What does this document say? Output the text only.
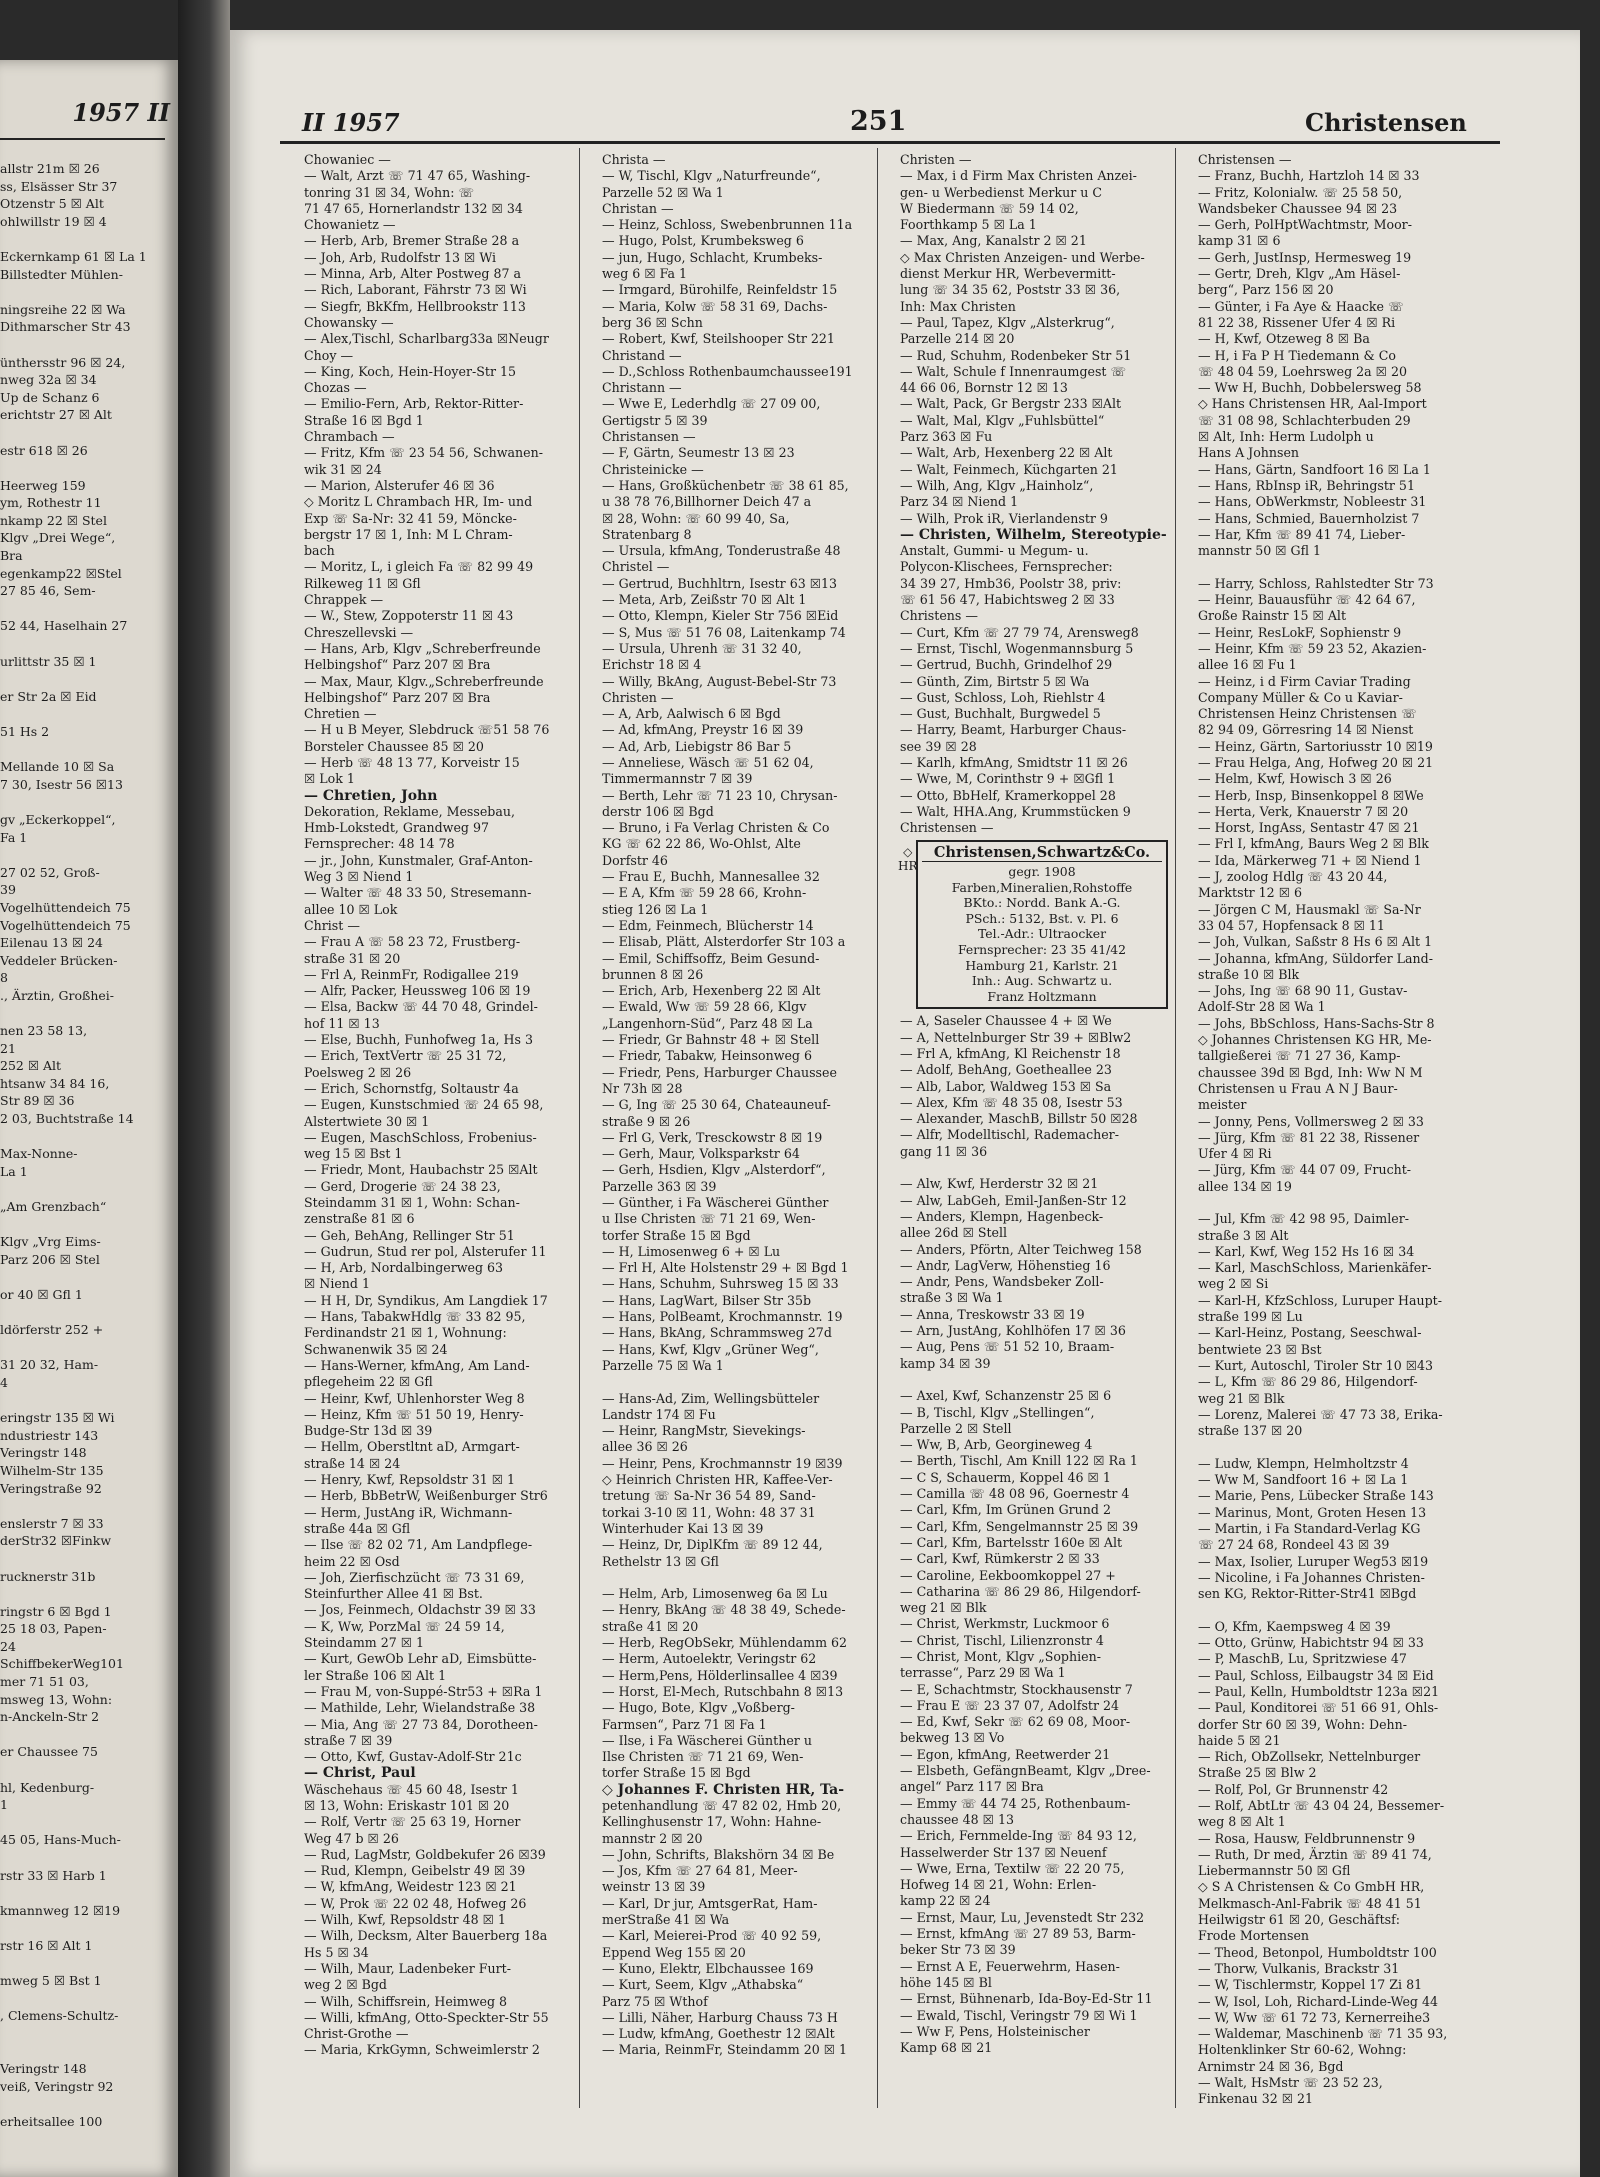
1957 II
allstr 21m ☒ 26
ss, Elsässer Str 37
Otzenstr 5 ☒ Alt
ohlwillstr 19 ☒ 4

Eckernkamp 61 ☒ La 1
Billstedter Mühlen-

ningsreihe 22 ☒ Wa
Dithmarscher Str 43

ünthersstr 96 ☒ 24,
nweg 32a ☒ 34
Up de Schanz 6
erichtstr 27 ☒ Alt

estr 618 ☒ 26

Heerweg 159
ym, Rothestr 11
nkamp 22 ☒ Stel
Klgv „Drei Wege“,
Bra
egenkamp22 ☒Stel
27 85 46, Sem-

52 44, Haselhain 27

urlittstr 35 ☒ 1

er Str 2a ☒ Eid

51 Hs 2

Mellande 10 ☒ Sa
7 30, Isestr 56 ☒13

gv „Eckerkoppel“,
Fa 1

27 02 52, Groß-
39
Vogelhüttendeich 75
Vogelhüttendeich 75
Eilenau 13 ☒ 24
Veddeler Brücken-
8
., Ärztin, Großhei-

nen 23 58 13,
21
252 ☒ Alt
htsanw 34 84 16,
Str 89 ☒ 36
2 03, Buchtstraße 14

Max-Nonne-
La 1

„Am Grenzbach“

Klgv „Vrg Eims-
Parz 206 ☒ Stel

or 40 ☒ Gfl 1

ldörferstr 252 +

31 20 32, Ham-
4

eringstr 135 ☒ Wi
ndustriestr 143
Veringstr 148
Wilhelm-Str 135
Veringstraße 92

enslerstr 7 ☒ 33
derStr32 ☒Finkw

rucknerstr 31b

ringstr 6 ☒ Bgd 1
25 18 03, Papen-
24
SchiffbekerWeg101
mer 71 51 03,
msweg 13, Wohn:
n-Anckeln-Str 2

er Chaussee 75

hl, Kedenburg-
1

45 05, Hans-Much-

rstr 33 ☒ Harb 1

kmannweg 12 ☒19

rstr 16 ☒ Alt 1

mweg 5 ☒ Bst 1

, Clemens-Schultz-

Veringstr 148
veiß, Veringstr 92

erheitsallee 100
II 1957	251	Christensen
Chowaniec —
— Walt, Arzt ☏ 71 47 65, Washing-
tonring 31 ☒ 34, Wohn: ☏
71 47 65, Hornerlandstr 132 ☒ 34
Chowanietz —
— Herb, Arb, Bremer Straße 28 a
— Joh, Arb, Rudolfstr 13 ☒ Wi
— Minna, Arb, Alter Postweg 87 a
— Rich, Laborant, Fährstr 73 ☒ Wi
— Siegfr, BkKfm, Hellbrookstr 113
Chowansky —
— Alex,Tischl, Scharlbarg33a ☒Neugr
Choy —
— King, Koch, Hein-Hoyer-Str 15
Chozas —
— Emilio-Fern, Arb, Rektor-Ritter-
Straße 16 ☒ Bgd 1
Chrambach —
— Fritz, Kfm ☏ 23 54 56, Schwanen-
wik 31 ☒ 24
— Marion, Alsterufer 46 ☒ 36
◇ Moritz L Chrambach HR, Im- und
Exp ☏ Sa-Nr: 32 41 59, Möncke-
bergstr 17 ☒ 1, Inh: M L Chram-
bach
— Moritz, L, i gleich Fa ☏ 82 99 49
Rilkeweg 11 ☒ Gfl
Chrappek —
— W., Stew, Zoppoterstr 11 ☒ 43
Chreszellevski —
— Hans, Arb, Klgv „Schreberfreunde
Helbingshof“ Parz 207 ☒ Bra
— Max, Maur, Klgv.„Schreberfreunde
Helbingshof“ Parz 207 ☒ Bra
Chretien —
— H u B Meyer, Slebdruck ☏51 58 76
Borsteler Chaussee 85 ☒ 20
— Herb ☏ 48 13 77, Korveistr 15
☒ Lok 1
— Chretien, John
Dekoration, Reklame, Messebau,
Hmb-Lokstedt, Grandweg 97
Fernsprecher: 48 14 78
— jr., John, Kunstmaler, Graf-Anton-
Weg 3 ☒ Niend 1
— Walter ☏ 48 33 50, Stresemann-
allee 10 ☒ Lok
Christ —
— Frau A ☏ 58 23 72, Frustberg-
straße 31 ☒ 20
— Frl A, ReinmFr, Rodigallee 219
— Alfr, Packer, Heussweg 106 ☒ 19
— Elsa, Backw ☏ 44 70 48, Grindel-
hof 11 ☒ 13
— Else, Buchh, Funhofweg 1a, Hs 3
— Erich, TextVertr ☏ 25 31 72,
Poelsweg 2 ☒ 26
— Erich, Schornstfg, Soltaustr 4a
— Eugen, Kunstschmied ☏ 24 65 98,
Alstertwiete 30 ☒ 1
— Eugen, MaschSchloss, Frobenius-
weg 15 ☒ Bst 1
— Friedr, Mont, Haubachstr 25 ☒Alt
— Gerd, Drogerie ☏ 24 38 23,
Steindamm 31 ☒ 1, Wohn: Schan-
zenstraße 81 ☒ 6
— Geh, BehAng, Rellinger Str 51
— Gudrun, Stud rer pol, Alsterufer 11
— H, Arb, Nordalbingerweg 63
☒ Niend 1
— H H, Dr, Syndikus, Am Langdiek 17
— Hans, TabakwHdlg ☏ 33 82 95,
Ferdinandstr 21 ☒ 1, Wohnung:
Schwanenwik 35 ☒ 24
— Hans-Werner, kfmAng, Am Land-
pflegeheim 22 ☒ Gfl
— Heinr, Kwf, Uhlenhorster Weg 8
— Heinz, Kfm ☏ 51 50 19, Henry-
Budge-Str 13d ☒ 39
— Hellm, Oberstltnt aD, Armgart-
straße 14 ☒ 24
— Henry, Kwf, Repsoldstr 31 ☒ 1
— Herb, BbBetrW, Weißenburger Str6
— Herm, JustAng iR, Wichmann-
straße 44a ☒ Gfl
— Ilse ☏ 82 02 71, Am Landpflege-
heim 22 ☒ Osd
— Joh, Zierfischzücht ☏ 73 31 69,
Steinfurther Allee 41 ☒ Bst.
— Jos, Feinmech, Oldachstr 39 ☒ 33
— K, Ww, PorzMal ☏ 24 59 14,
Steindamm 27 ☒ 1
— Kurt, GewOb Lehr aD, Eimsbütte-
ler Straße 106 ☒ Alt 1
— Frau M, von-Suppé-Str53 + ☒Ra 1
— Mathilde, Lehr, Wielandstraße 38
— Mia, Ang ☏ 27 73 84, Dorotheen-
straße 7 ☒ 39
— Otto, Kwf, Gustav-Adolf-Str 21c
— Christ, Paul
Wäschehaus ☏ 45 60 48, Isestr 1
☒ 13, Wohn: Eriskastr 101 ☒ 20
— Rolf, Vertr ☏ 25 63 19, Horner
Weg 47 b ☒ 26
— Rud, LagMstr, Goldbekufer 26 ☒39
— Rud, Klempn, Geibelstr 49 ☒ 39
— W, kfmAng, Weidestr 123 ☒ 21
— W, Prok ☏ 22 02 48, Hofweg 26
— Wilh, Kwf, Repsoldstr 48 ☒ 1
— Wilh, Decksm, Alter Bauerberg 18a
Hs 5 ☒ 34
— Wilh, Maur, Ladenbeker Furt-
weg 2 ☒ Bgd
— Wilh, Schiffsrein, Heimweg 8
— Willi, kfmAng, Otto-Speckter-Str 55
Christ-Grothe —
— Maria, KrkGymn, Schweimlerstr 2
Christa —
— W, Tischl, Klgv „Naturfreunde“,
Parzelle 52 ☒ Wa 1
Christan —
— Heinz, Schloss, Swebenbrunnen 11a
— Hugo, Polst, Krumbeksweg 6
— jun, Hugo, Schlacht, Krumbeks-
weg 6 ☒ Fa 1
— Irmgard, Bürohilfe, Reinfeldstr 15
— Maria, Kolw ☏ 58 31 69, Dachs-
berg 36 ☒ Schn
— Robert, Kwf, Steilshooper Str 221
Christand —
— D.,Schloss Rothenbaumchaussee191
Christann —
— Wwe E, Lederhdlg ☏ 27 09 00,
Gertigstr 5 ☒ 39
Christansen —
— F, Gärtn, Seumestr 13 ☒ 23
Christeinicke —
— Hans, Großküchenbetr ☏ 38 61 85,
u 38 78 76,Billhorner Deich 47 a
☒ 28, Wohn: ☏ 60 99 40, Sa,
Stratenbarg 8
— Ursula, kfmAng, Tonderustraße 48
Christel —
— Gertrud, Buchhltrn, Isestr 63 ☒13
— Meta, Arb, Zeißstr 70 ☒ Alt 1
— Otto, Klempn, Kieler Str 756 ☒Eid
— S, Mus ☏ 51 76 08, Laitenkamp 74
— Ursula, Uhrenh ☏ 31 32 40,
Erichstr 18 ☒ 4
— Willy, BkAng, August-Bebel-Str 73
Christen —
— A, Arb, Aalwisch 6 ☒ Bgd
— Ad, kfmAng, Preystr 16 ☒ 39
— Ad, Arb, Liebigstr 86 Bar 5
— Anneliese, Wäsch ☏ 51 62 04,
Timmermannstr 7 ☒ 39
— Berth, Lehr ☏ 71 23 10, Chrysan-
derstr 106 ☒ Bgd
— Bruno, i Fa Verlag Christen & Co
KG ☏ 62 22 86, Wo-Ohlst, Alte
Dorfstr 46
— Frau E, Buchh, Mannesallee 32
— E A, Kfm ☏ 59 28 66, Krohn-
stieg 126 ☒ La 1
— Edm, Feinmech, Blücherstr 14
— Elisab, Plätt, Alsterdorfer Str 103 a
— Emil, Schiffsoffz, Beim Gesund-
brunnen 8 ☒ 26
— Erich, Arb, Hexenberg 22 ☒ Alt
— Ewald, Ww ☏ 59 28 66, Klgv
„Langenhorn-Süd“, Parz 48 ☒ La
— Friedr, Gr Bahnstr 48 + ☒ Stell
— Friedr, Tabakw, Heinsonweg 6
— Friedr, Pens, Harburger Chaussee
Nr 73h ☒ 28
— G, Ing ☏ 25 30 64, Chateauneuf-
straße 9 ☒ 26
— Frl G, Verk, Tresckowstr 8 ☒ 19
— Gerh, Maur, Volksparkstr 64
— Gerh, Hsdien, Klgv „Alsterdorf“,
Parzelle 363 ☒ 39
— Günther, i Fa Wäscherei Günther
u Ilse Christen ☏ 71 21 69, Wen-
torfer Straße 15 ☒ Bgd
— H, Limosenweg 6 + ☒ Lu
— Frl H, Alte Holstenstr 29 + ☒ Bgd 1
— Hans, Schuhm, Suhrsweg 15 ☒ 33
— Hans, LagWart, Bilser Str 35b
— Hans, PolBeamt, Krochmannstr. 19
— Hans, BkAng, Schrammsweg 27d
— Hans, Kwf, Klgv „Grüner Weg“,
Parzelle 75 ☒ Wa 1

— Hans-Ad, Zim, Wellingsbütteler
Landstr 174 ☒ Fu
— Heinr, RangMstr, Sievekings-
allee 36 ☒ 26
— Heinr, Pens, Krochmannstr 19 ☒39
◇ Heinrich Christen HR, Kaffee-Ver-
tretung ☏ Sa-Nr 36 54 89, Sand-
torkai 3-10 ☒ 11, Wohn: 48 37 31
Winterhuder Kai 13 ☒ 39
— Heinz, Dr, DiplKfm ☏ 89 12 44,
Rethelstr 13 ☒ Gfl

— Helm, Arb, Limosenweg 6a ☒ Lu
— Henry, BkAng ☏ 48 38 49, Schede-
straße 41 ☒ 20
— Herb, RegObSekr, Mühlendamm 62
— Herm, Autoelektr, Veringstr 62
— Herm,Pens, Hölderlinsallee 4 ☒39
— Horst, El-Mech, Rutschbahn 8 ☒13
— Hugo, Bote, Klgv „Voßberg-
Farmsen“, Parz 71 ☒ Fa 1
— Ilse, i Fa Wäscherei Günther u
Ilse Christen ☏ 71 21 69, Wen-
torfer Straße 15 ☒ Bgd
◇ Johannes F. Christen HR, Ta-
petenhandlung ☏ 47 82 02, Hmb 20,
Kellinghusenstr 17, Wohn: Hahne-
mannstr 2 ☒ 20
— John, Schrifts, Blakshörn 34 ☒ Be
— Jos, Kfm ☏ 27 64 81, Meer-
weinstr 13 ☒ 39
— Karl, Dr jur, AmtsgerRat, Ham-
merStraße 41 ☒ Wa
— Karl, Meierei-Prod ☏ 40 92 59,
Eppend Weg 155 ☒ 20
— Kuno, Elektr, Elbchaussee 169
— Kurt, Seem, Klgv „Athabska“
Parz 75 ☒ Wthof
— Lilli, Näher, Harburg Chauss 73 H
— Ludw, kfmAng, Goethestr 12 ☒Alt
— Maria, ReinmFr, Steindamm 20 ☒ 1
Christen —
— Max, i d Firm Max Christen Anzei-
gen- u Werbedienst Merkur u C
W Biedermann ☏ 59 14 02,
Foorthkamp 5 ☒ La 1
— Max, Ang, Kanalstr 2 ☒ 21
◇ Max Christen Anzeigen- und Werbe-
dienst Merkur HR, Werbevermitt-
lung ☏ 34 35 62, Poststr 33 ☒ 36,
Inh: Max Christen
— Paul, Tapez, Klgv „Alsterkrug“,
Parzelle 214 ☒ 20
— Rud, Schuhm, Rodenbeker Str 51
— Walt, Schule f Innenraumgest ☏
44 66 06, Bornstr 12 ☒ 13
— Walt, Pack, Gr Bergstr 233 ☒Alt
— Walt, Mal, Klgv „Fuhlsbüttel“
Parz 363 ☒ Fu
— Walt, Arb, Hexenberg 22 ☒ Alt
— Walt, Feinmech, Küchgarten 21
— Wilh, Ang, Klgv „Hainholz“,
Parz 34 ☒ Niend 1
— Wilh, Prok iR, Vierlandenstr 9
— Christen, Wilhelm, Stereotypie-
Anstalt, Gummi- u Megum- u.
Polycon-Klischees, Fernsprecher:
34 39 27, Hmb36, Poolstr 38, priv:
☏ 61 56 47, Habichtsweg 2 ☒ 33
Christens —
— Curt, Kfm ☏ 27 79 74, Arensweg8
— Ernst, Tischl, Wogenmannsburg 5
— Gertrud, Buchh, Grindelhof 29
— Günth, Zim, Birtstr 5 ☒ Wa
— Gust, Schloss, Loh, Riehlstr 4
— Gust, Buchhalt, Burgwedel 5
— Harry, Beamt, Harburger Chaus-
see 39 ☒ 28
— Karlh, kfmAng, Smidtstr 11 ☒ 26
— Wwe, M, Corinthstr 9 + ☒Gfl 1
— Otto, BbHelf, Kramerkoppel 28
— Walt, HHA.Ang, Krummstücken 9
Christensen —
◇
HR
Christensen,Schwartz&Co.
gegr. 1908
Farben,Mineralien,Rohstoffe
BKto.: Nordd. Bank A.-G.
PSch.: 5132, Bst. v. Pl. 6
Tel.-Adr.: Ultraocker
Fernsprecher: 23 35 41/42
Hamburg 21, Karlstr. 21
Inh.: Aug. Schwartz u.
Franz Holtzmann
— A, Saseler Chaussee 4 + ☒ We
— A, Nettelnburger Str 39 + ☒Blw2
— Frl A, kfmAng, Kl Reichenstr 18
— Adolf, BehAng, Goetheallee 23
— Alb, Labor, Waldweg 153 ☒ Sa
— Alex, Kfm ☏ 48 35 08, Isestr 53
— Alexander, MaschB, Billstr 50 ☒28
— Alfr, Modelltischl, Rademacher-
gang 11 ☒ 36

— Alw, Kwf, Herderstr 32 ☒ 21
— Alw, LabGeh, Emil-Janßen-Str 12
— Anders, Klempn, Hagenbeck-
allee 26d ☒ Stell
— Anders, Pförtn, Alter Teichweg 158
— Andr, LagVerw, Höhenstieg 16
— Andr, Pens, Wandsbeker Zoll-
straße 3 ☒ Wa 1
— Anna, Treskowstr 33 ☒ 19
— Arn, JustAng, Kohlhöfen 17 ☒ 36
— Aug, Pens ☏ 51 52 10, Braam-
kamp 34 ☒ 39

— Axel, Kwf, Schanzenstr 25 ☒ 6
— B, Tischl, Klgv „Stellingen“,
Parzelle 2 ☒ Stell
— Ww, B, Arb, Georgineweg 4
— Berth, Tischl, Am Knill 122 ☒ Ra 1
— C S, Schauerm, Koppel 46 ☒ 1
— Camilla ☏ 48 08 96, Goernestr 4
— Carl, Kfm, Im Grünen Grund 2
— Carl, Kfm, Sengelmannstr 25 ☒ 39
— Carl, Kfm, Bartelsstr 160e ☒ Alt
— Carl, Kwf, Rümkerstr 2 ☒ 33
— Caroline, Eekboomkoppel 27 +
— Catharina ☏ 86 29 86, Hilgendorf-
weg 21 ☒ Blk
— Christ, Werkmstr, Luckmoor 6
— Christ, Tischl, Lilienzronstr 4
— Christ, Mont, Klgv „Sophien-
terrasse“, Parz 29 ☒ Wa 1
— E, Schachtmstr, Stockhausenstr 7
— Frau E ☏ 23 37 07, Adolfstr 24
— Ed, Kwf, Sekr ☏ 62 69 08, Moor-
bekweg 13 ☒ Vo
— Egon, kfmAng, Reetwerder 21
— Elsbeth, GefängnBeamt, Klgv „Dree-
angel“ Parz 117 ☒ Bra
— Emmy ☏ 44 74 25, Rothenbaum-
chaussee 48 ☒ 13
— Erich, Fernmelde-Ing ☏ 84 93 12,
Hasselwerder Str 137 ☒ Neuenf
— Wwe, Erna, Textilw ☏ 22 20 75,
Hofweg 14 ☒ 21, Wohn: Erlen-
kamp 22 ☒ 24
— Ernst, Maur, Lu, Jevenstedt Str 232
— Ernst, kfmAng ☏ 27 89 53, Barm-
beker Str 73 ☒ 39
— Ernst A E, Feuerwehrm, Hasen-
höhe 145 ☒ Bl
— Ernst, Bühnenarb, Ida-Boy-Ed-Str 11
— Ewald, Tischl, Veringstr 79 ☒ Wi 1
— Ww F, Pens, Holsteinischer
Kamp 68 ☒ 21
Christensen —
— Franz, Buchh, Hartzloh 14 ☒ 33
— Fritz, Kolonialw. ☏ 25 58 50,
Wandsbeker Chaussee 94 ☒ 23
— Gerh, PolHptWachtmstr, Moor-
kamp 31 ☒ 6
— Gerh, JustInsp, Hermesweg 19
— Gertr, Dreh, Klgv „Am Häsel-
berg“, Parz 156 ☒ 20
— Günter, i Fa Aye & Haacke ☏
81 22 38, Rissener Ufer 4 ☒ Ri
— H, Kwf, Otzeweg 8 ☒ Ba
— H, i Fa P H Tiedemann & Co
☏ 48 04 59, Loehrsweg 2a ☒ 20
— Ww H, Buchh, Dobbelersweg 58
◇ Hans Christensen HR, Aal-Import
☏ 31 08 98, Schlachterbuden 29
☒ Alt, Inh: Herm Ludolph u
Hans A Johnsen
— Hans, Gärtn, Sandfoort 16 ☒ La 1
— Hans, RbInsp iR, Behringstr 51
— Hans, ObWerkmstr, Nobleestr 31
— Hans, Schmied, Bauernholzist 7
— Har, Kfm ☏ 89 41 74, Lieber-
mannstr 50 ☒ Gfl 1

— Harry, Schloss, Rahlstedter Str 73
— Heinr, Bauausführ ☏ 42 64 67,
Große Rainstr 15 ☒ Alt
— Heinr, ResLokF, Sophienstr 9
— Heinr, Kfm ☏ 59 23 52, Akazien-
allee 16 ☒ Fu 1
— Heinz, i d Firm Caviar Trading
Company Müller & Co u Kaviar-
Christensen Heinz Christensen ☏
82 94 09, Görresring 14 ☒ Nienst
— Heinz, Gärtn, Sartoriusstr 10 ☒19
— Frau Helga, Ang, Hofweg 20 ☒ 21
— Helm, Kwf, Howisch 3 ☒ 26
— Herb, Insp, Binsenkoppel 8 ☒We
— Herta, Verk, Knauerstr 7 ☒ 20
— Horst, IngAss, Sentastr 47 ☒ 21
— Frl I, kfmAng, Baurs Weg 2 ☒ Blk
— Ida, Märkerweg 71 + ☒ Niend 1
— J, zoolog Hdlg ☏ 43 20 44,
Marktstr 12 ☒ 6
— Jörgen C M, Hausmakl ☏ Sa-Nr
33 04 57, Hopfensack 8 ☒ 11
— Joh, Vulkan, Saßstr 8 Hs 6 ☒ Alt 1
— Johanna, kfmAng, Süldorfer Land-
straße 10 ☒ Blk
— Johs, Ing ☏ 68 90 11, Gustav-
Adolf-Str 28 ☒ Wa 1
— Johs, BbSchloss, Hans-Sachs-Str 8
◇ Johannes Christensen KG HR, Me-
tallgießerei ☏ 71 27 36, Kamp-
chaussee 39d ☒ Bgd, Inh: Ww N M
Christensen u Frau A N J Baur-
meister
— Jonny, Pens, Vollmersweg 2 ☒ 33
— Jürg, Kfm ☏ 81 22 38, Rissener
Ufer 4 ☒ Ri
— Jürg, Kfm ☏ 44 07 09, Frucht-
allee 134 ☒ 19

— Jul, Kfm ☏ 42 98 95, Daimler-
straße 3 ☒ Alt
— Karl, Kwf, Weg 152 Hs 16 ☒ 34
— Karl, MaschSchloss, Marienkäfer-
weg 2 ☒ Si
— Karl-H, KfzSchloss, Luruper Haupt-
straße 199 ☒ Lu
— Karl-Heinz, Postang, Seeschwal-
bentwiete 23 ☒ Bst
— Kurt, Autoschl, Tiroler Str 10 ☒43
— L, Kfm ☏ 86 29 86, Hilgendorf-
weg 21 ☒ Blk
— Lorenz, Malerei ☏ 47 73 38, Erika-
straße 137 ☒ 20

— Ludw, Klempn, Helmholtzstr 4
— Ww M, Sandfoort 16 + ☒ La 1
— Marie, Pens, Lübecker Straße 143
— Marinus, Mont, Groten Hesen 13
— Martin, i Fa Standard-Verlag KG
☏ 27 24 68, Rondeel 43 ☒ 39
— Max, Isolier, Luruper Weg53 ☒19
— Nicoline, i Fa Johannes Christen-
sen KG, Rektor-Ritter-Str41 ☒Bgd

— O, Kfm, Kaempsweg 4 ☒ 39
— Otto, Grünw, Habichtstr 94 ☒ 33
— P, MaschB, Lu, Spritzwiese 47
— Paul, Schloss, Eilbaugstr 34 ☒ Eid
— Paul, Kelln, Humboldtstr 123a ☒21
— Paul, Konditorei ☏ 51 66 91, Ohls-
dorfer Str 60 ☒ 39, Wohn: Dehn-
haide 5 ☒ 21
— Rich, ObZollsekr, Nettelnburger
Straße 25 ☒ Blw 2
— Rolf, Pol, Gr Brunnenstr 42
— Rolf, AbtLtr ☏ 43 04 24, Bessemer-
weg 8 ☒ Alt 1
— Rosa, Hausw, Feldbrunnenstr 9
— Ruth, Dr med, Ärztin ☏ 89 41 74,
Liebermannstr 50 ☒ Gfl
◇ S A Christensen & Co GmbH HR,
Melkmasch-Anl-Fabrik ☏ 48 41 51
Heilwigstr 61 ☒ 20, Geschäftsf:
Frode Mortensen
— Theod, Betonpol, Humboldtstr 100
— Thorw, Vulkanis, Brackstr 31
— W, Tischlermstr, Koppel 17 Zi 81
— W, Isol, Loh, Richard-Linde-Weg 44
— W, Ww ☏ 61 72 73, Kernerreihe3
— Waldemar, Maschinenb ☏ 71 35 93,
Holtenklinker Str 60-62, Wohng:
Arnimstr 24 ☒ 36, Bgd
— Walt, HsMstr ☏ 23 52 23,
Finkenau 32 ☒ 21
